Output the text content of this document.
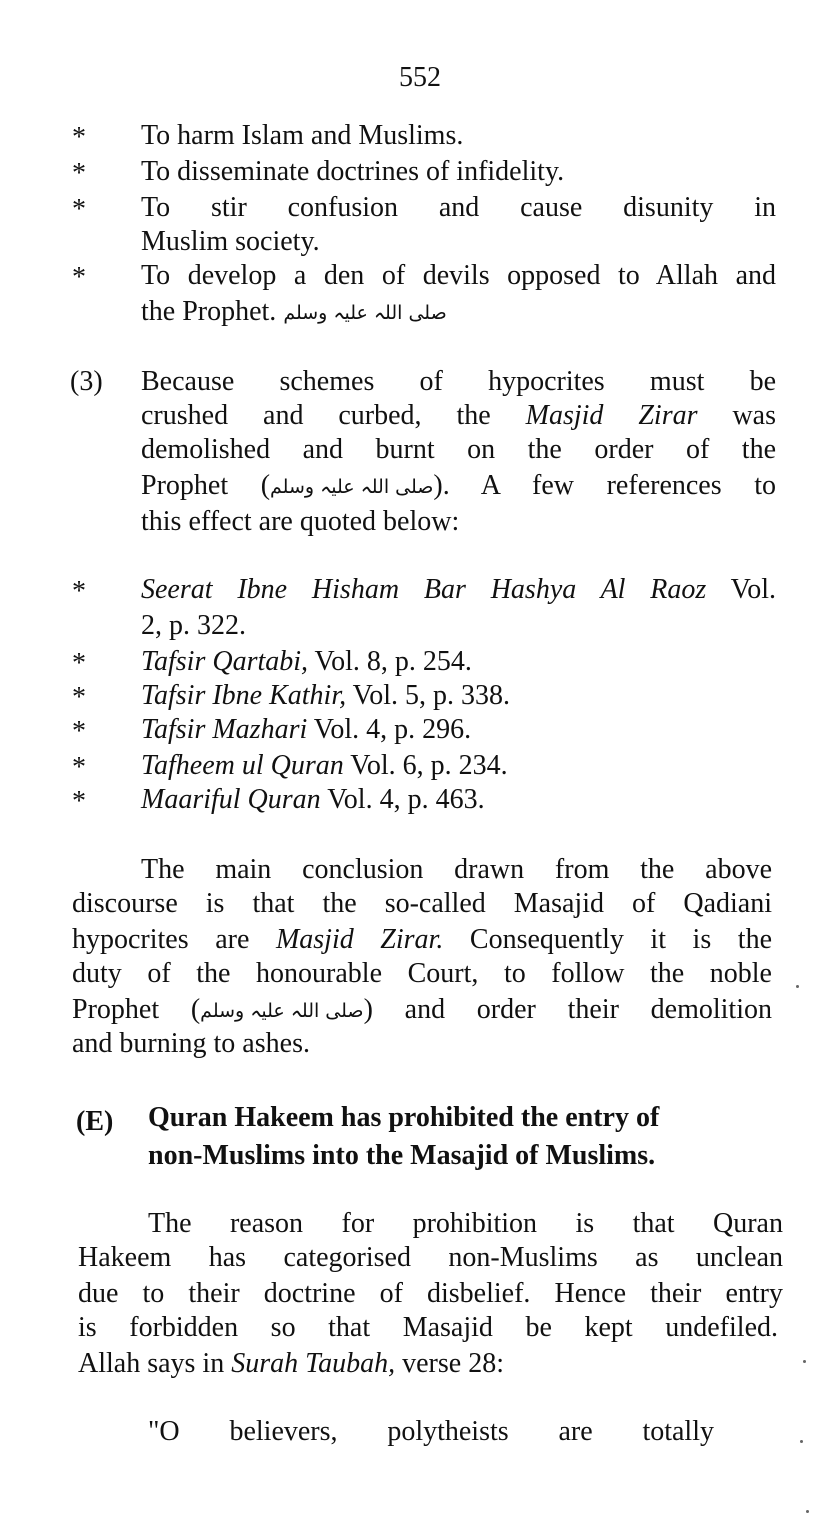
552
* To harm Islam and Muslims.
* To disseminate doctrines of infidelity.
* To stir confusion and cause disunity in
Muslim society.
* To develop a den of devils opposed to Allah and
the Prophet. صلی اللہ علیہ وسلم
(3) Because schemes of hypocrites must be
crushed and curbed, the Masjid Zirar was
demolished and burnt on the order of the
Prophet (صلی اللہ علیہ وسلم). A few references to
this effect are quoted below:
* Seerat Ibne Hisham Bar Hashya Al Raoz Vol.
2, p. 322.
* Tafsir Qartabi, Vol. 8, p. 254.
* Tafsir Ibne Kathir, Vol. 5, p. 338.
* Tafsir Mazhari Vol. 4, p. 296.
* Tafheem ul Quran Vol. 6, p. 234.
* Maariful Quran Vol. 4, p. 463.
The main conclusion drawn from the above
discourse is that the so-called Masajid of Qadiani
hypocrites are Masjid Zirar. Consequently it is the
duty of the honourable Court, to follow the noble
Prophet (صلی اللہ علیہ وسلم) and order their demolition
and burning to ashes.
(E) Quran Hakeem has prohibited the entry of
non-Muslims into the Masajid of Muslims.
The reason for prohibition is that Quran
Hakeem has categorised non-Muslims as unclean
due to their doctrine of disbelief. Hence their entry
is forbidden so that Masajid be kept undefiled.
Allah says in Surah Taubah, verse 28:
"O believers, polytheists are totally
